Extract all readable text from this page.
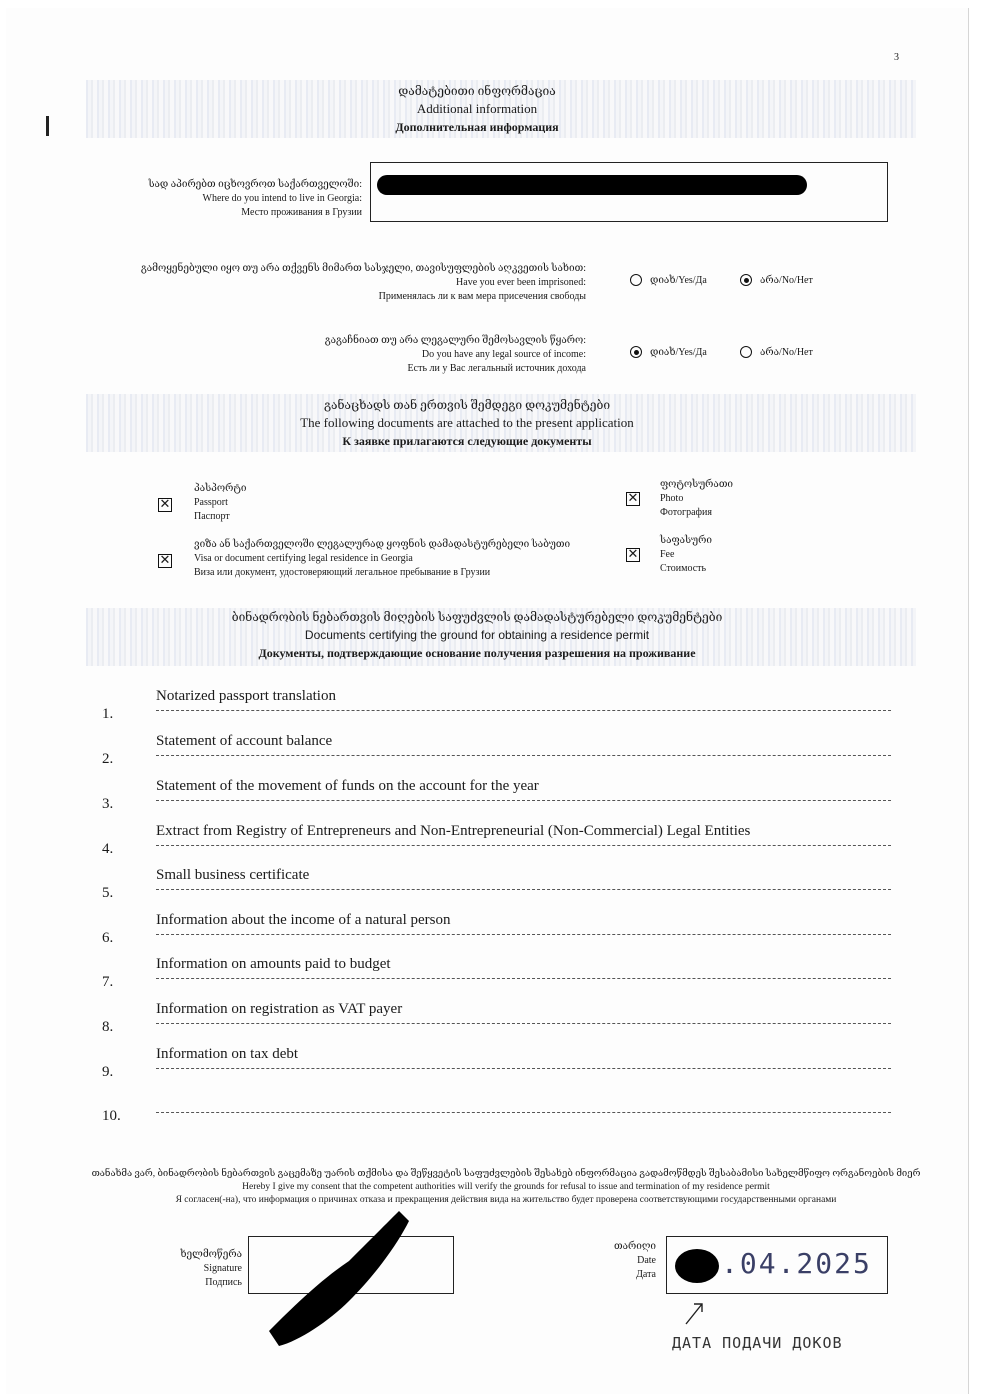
3
დამატებითი ინფორმაცია
Additional information
Дополнительная информация
სად აპირებთ იცხოვროთ საქართველოში:
Where do you intend to live in Georgia:
Место проживания в Грузии
გამოყენებული იყო თუ არა თქვენს მიმართ სასჯელი, თავისუფლების აღკვეთის სახით:
Have you ever been imprisoned:
Применялась ли к вам мера присечения свободы
დიახ/Yes/Да	არა/No/Нет
გაგაჩნიათ თუ არა ლეგალური შემოსავლის წყარო:
Do you have any legal source of income:
Есть ли у Вас легальный источник дохода
დიახ/Yes/Да	არა/No/Нет
განაცხადს თან ერთვის შემდეგი დოკუმენტები
The following documents are attached to the present application
К заявке прилагаются следующие документы
✕
პასპორტი
Passport
Паспорт
✕
ფოტოსურათი
Photo
Фотография
✕
ვიზა ან საქართველოში ლეგალურად ყოფნის დამადასტურებელი საბუთი
Visa or document certifying legal residence in Georgia
Виза или документ, удостоверяющий легальное пребывание в Грузии
✕
საფასური
Fee
Стоимость
ბინადრობის ნებართვის მიღების საფუძვლის დამადასტურებელი დოკუმენტები
Documents certifying the ground for obtaining a residence permit
Документы, подтверждающие основание получения разрешения на проживание
1.
Notarized passport translation
2.
Statement of account balance
3.
Statement of the movement of funds on the account for the year
4.
Extract from Registry of Entrepreneurs and Non-Entrepreneurial (Non-Commercial) Legal Entities
5.
Small business certificate
6.
Information about the income of a natural person
7.
Information on amounts paid to budget
8.
Information on registration as VAT payer
9.
Information on tax debt
10.
თანახმა ვარ, ბინადრობის ნებართვის გაცემაზე უარის თქმისა და შეწყვეტის საფუძვლების შესახებ ინფორმაცია გადამოწმდეს შესაბამისი სახელმწიფო ორგანოების მიერ
Hereby I give my consent that the competent authorities will verify the grounds for refusal to issue and termination of my residence permit
Я согласен(-на), что информация о причинах отказа и прекращения действия вида на жительство будет проверена соответствующими государственными органами
ხელმოწერა
Signature
Подпись
თარიღი
Date
Дата .04.2025
ДАТА ПОДАЧИ ДОКОВ
